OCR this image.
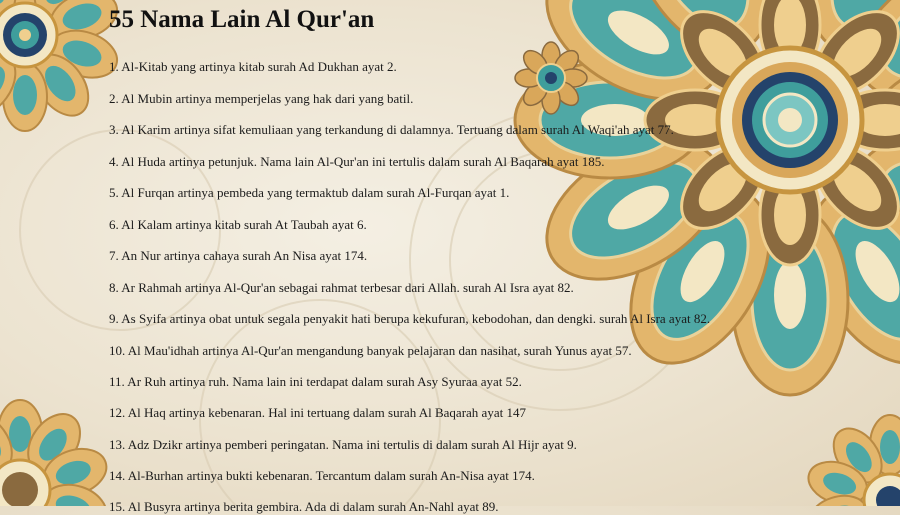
55 Nama Lain Al Qur'an

1. Al-Kitab yang artinya kitab surah Ad Dukhan ayat 2.

2. Al Mubin artinya memperjelas yang hak dari yang batil.

3. Al Karim artinya sifat kemuliaan yang terkandung di dalamnya. Tertuang dalam surah Al Waqi'ah ayat 77.

4. Al Huda artinya petunjuk. Nama lain Al-Qur'an ini tertulis dalam surah Al Baqarah ayat 185.

5. Al Furqan artinya pembeda yang termaktub dalam surah Al-Furqan ayat 1.

6. Al Kalam artinya kitab surah At Taubah ayat 6.

7. An Nur artinya cahaya surah An Nisa ayat 174.

8. Ar Rahmah artinya Al-Qur'an sebagai rahmat terbesar dari Allah. surah Al Isra ayat 82.

9. As Syifa artinya obat untuk segala penyakit hati berupa kekufuran, kebodohan, dan dengki. surah Al Isra ayat 82.

10. Al Mau'idhah artinya Al-Qur'an mengandung banyak pelajaran dan nasihat, surah Yunus ayat 57.

11. Ar Ruh artinya ruh. Nama lain ini terdapat dalam surah Asy Syuraa ayat 52.

12. Al Haq artinya kebenaran. Hal ini tertuang dalam surah Al Baqarah ayat 147

13. Adz Dzikr artinya pemberi peringatan. Nama ini tertulis di dalam surah Al Hijr ayat 9.

14. Al-Burhan artinya bukti kebenaran. Tercantum dalam surah An-Nisa ayat 174.

15. Al Busyra artinya berita gembira. Ada di dalam surah An-Nahl ayat 89.
